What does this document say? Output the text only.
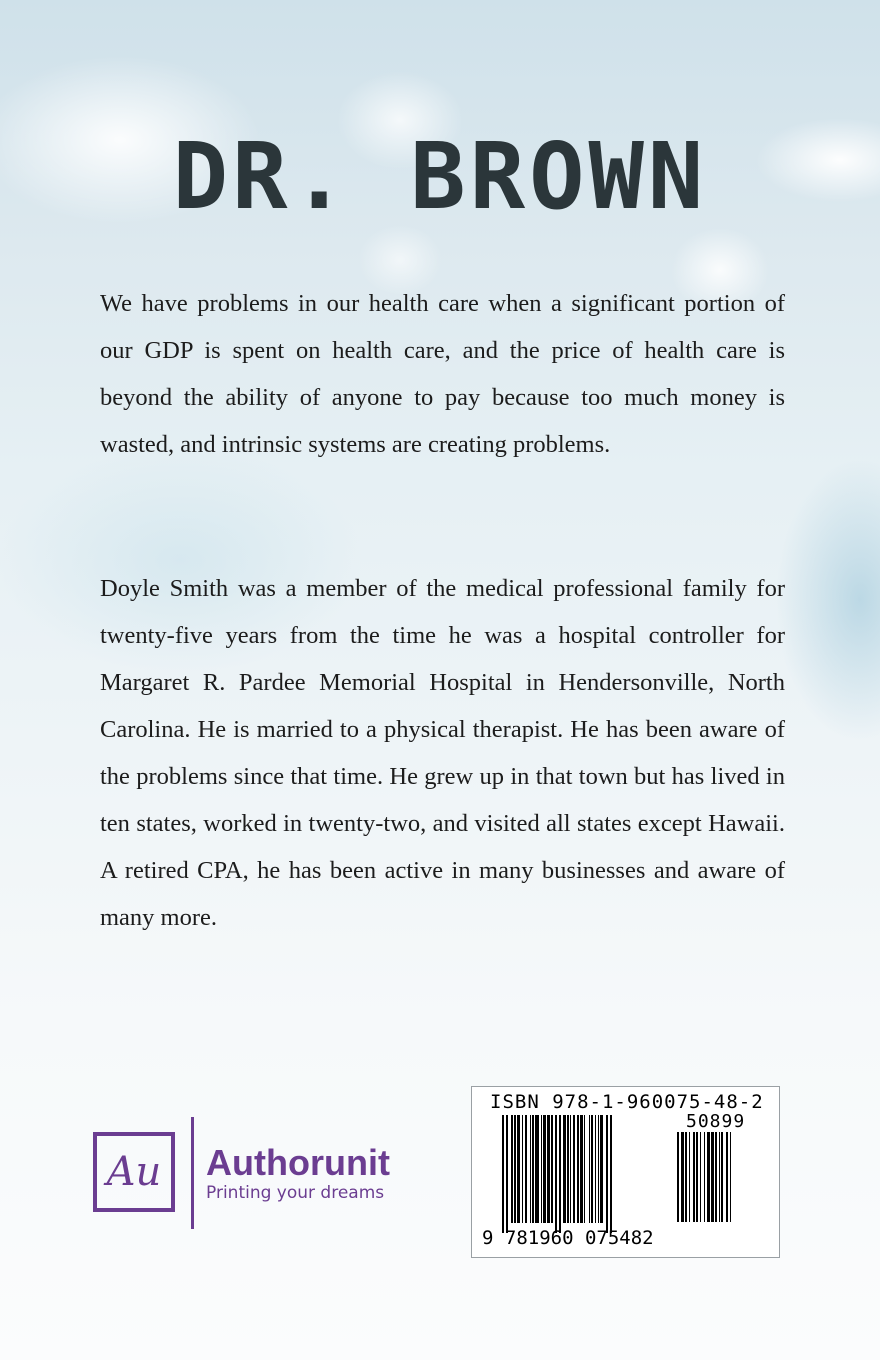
DR. BROWN

We have problems in our health care when a significant portion of our GDP is spent on health care, and the price of health care is beyond the ability of anyone to pay because too much money is wasted, and intrinsic systems are creating problems.

Doyle Smith was a member of the medical professional family for twenty-five years from the time he was a hospital controller for Margaret R. Pardee Memorial Hospital in Hendersonville, North Carolina. He is married to a physical therapist. He has been aware of the problems since that time. He grew up in that town but has lived in ten states, worked in twenty-two, and visited all states except Hawaii. A retired CPA, he has been active in many businesses and aware of many more.

Au	Authorunit
Printing your dreams
ISBN 978-1-960075-48-2
50899
9 781960 075482
